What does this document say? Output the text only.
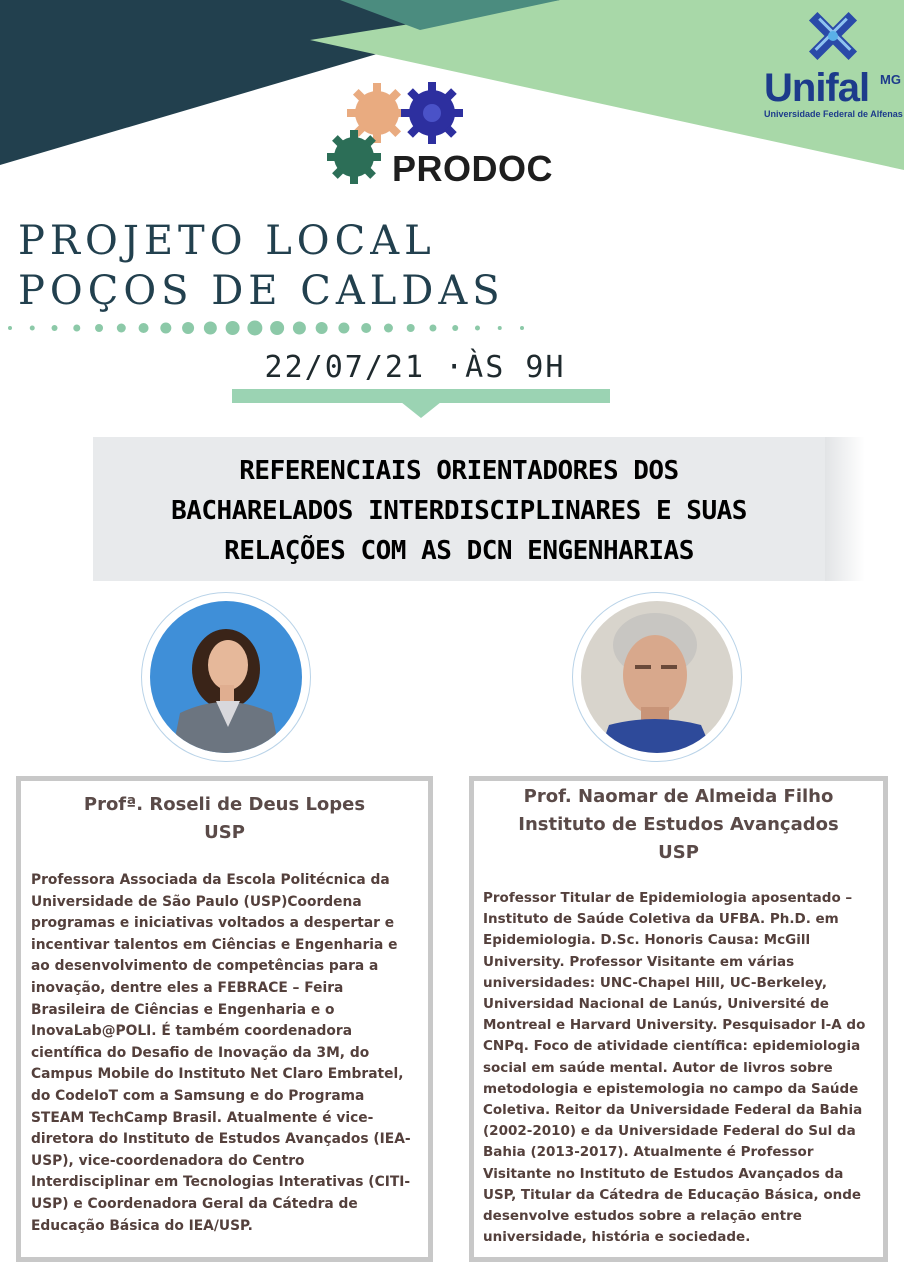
Unifal MG
Universidade Federal de Alfenas
PRODOC
PROJETO LOCAL
POÇOS DE CALDAS
22/07/21 ·ÀS 9H
REFERENCIAIS ORIENTADORES DOS
BACHARELADOS INTERDISCIPLINARES E SUAS
RELAÇÕES COM AS DCN ENGENHARIAS
Profª. Roseli de Deus Lopes
USP
Professora Associada da Escola Politécnica da
Universidade de São Paulo (USP)Coordena
programas e iniciativas voltados a despertar e
incentivar talentos em Ciências e Engenharia e
ao desenvolvimento de competências para a
inovação, dentre eles a FEBRACE – Feira
Brasileira de Ciências e Engenharia e o
InovaLab@POLI. É também coordenadora
científica do Desafio de Inovação da 3M, do
Campus Mobile do Instituto Net Claro Embratel,
do CodeIoT com a Samsung e do Programa
STEAM TechCamp Brasil. Atualmente é vice-
diretora do Instituto de Estudos Avançados (IEA-
USP), vice-coordenadora do Centro
Interdisciplinar em Tecnologias Interativas (CITI-
USP) e Coordenadora Geral da Cátedra de
Educação Básica do IEA/USP.
Prof. Naomar de Almeida Filho
Instituto de Estudos Avançados
USP
Professor Titular de Epidemiologia aposentado –
Instituto de Saúde Coletiva da UFBA. Ph.D. em
Epidemiologia. D.Sc. Honoris Causa: McGill
University. Professor Visitante em várias
universidades: UNC-Chapel Hill, UC-Berkeley,
Universidad Nacional de Lanús, Université de
Montreal e Harvard University. Pesquisador I-A do
CNPq. Foco de atividade científica: epidemiologia
social em saúde mental. Autor de livros sobre
metodologia e epistemologia no campo da Saúde
Coletiva. Reitor da Universidade Federal da Bahia
(2002-2010) e da Universidade Federal do Sul da
Bahia (2013-2017). Atualmente é Professor
Visitante no Instituto de Estudos Avançados da
USP, Titular da Cátedra de Educação Básica, onde
desenvolve estudos sobre a relação entre
universidade, história e sociedade.
